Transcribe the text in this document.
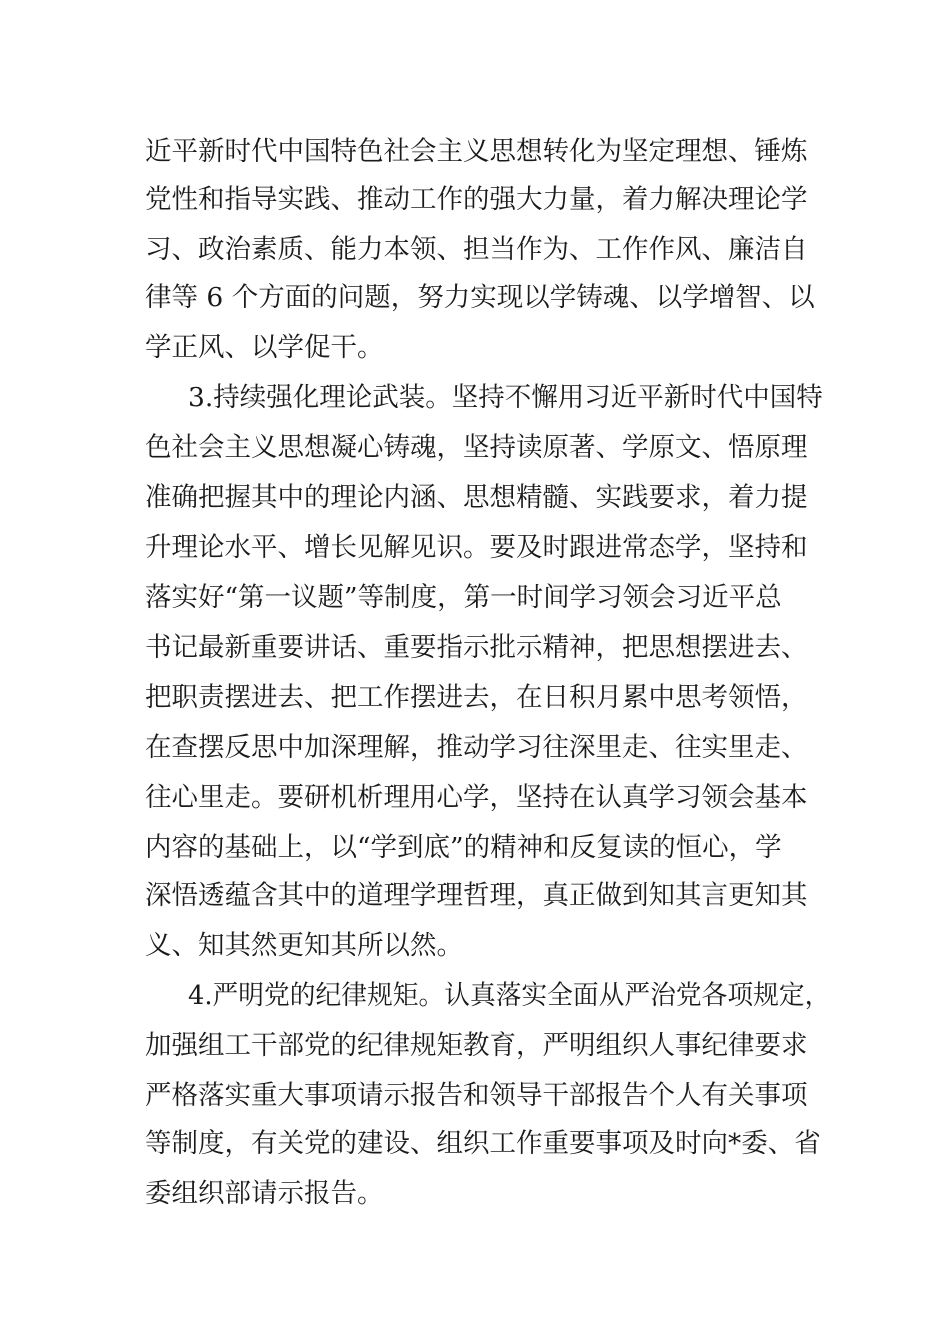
近平新时代中国特色社会主义思想转化为坚定理想、锤炼
党性和指导实践、推动工作的强大力量，着力解决理论学
习、政治素质、能力本领、担当作为、工作作风、廉洁自
律等 6 个方面的问题，努力实现以学铸魂、以学增智、以
学正风、以学促干。
3.持续强化理论武装。坚持不懈用习近平新时代中国特
色社会主义思想凝心铸魂，坚持读原著、学原文、悟原理
准确把握其中的理论内涵、思想精髓、实践要求，着力提
升理论水平、增长见解见识。要及时跟进常态学，坚持和
落实好“第一议题”等制度，第一时间学习领会习近平总
书记最新重要讲话、重要指示批示精神，把思想摆进去、
把职责摆进去、把工作摆进去，在日积月累中思考领悟，
在查摆反思中加深理解，推动学习往深里走、往实里走、
往心里走。要研机析理用心学，坚持在认真学习领会基本
内容的基础上，以“学到底”的精神和反复读的恒心，学
深悟透蕴含其中的道理学理哲理，真正做到知其言更知其
义、知其然更知其所以然。
4.严明党的纪律规矩。认真落实全面从严治党各项规定，
加强组工干部党的纪律规矩教育，严明组织人事纪律要求
严格落实重大事项请示报告和领导干部报告个人有关事项
等制度，有关党的建设、组织工作重要事项及时向*委、省
委组织部请示报告。
